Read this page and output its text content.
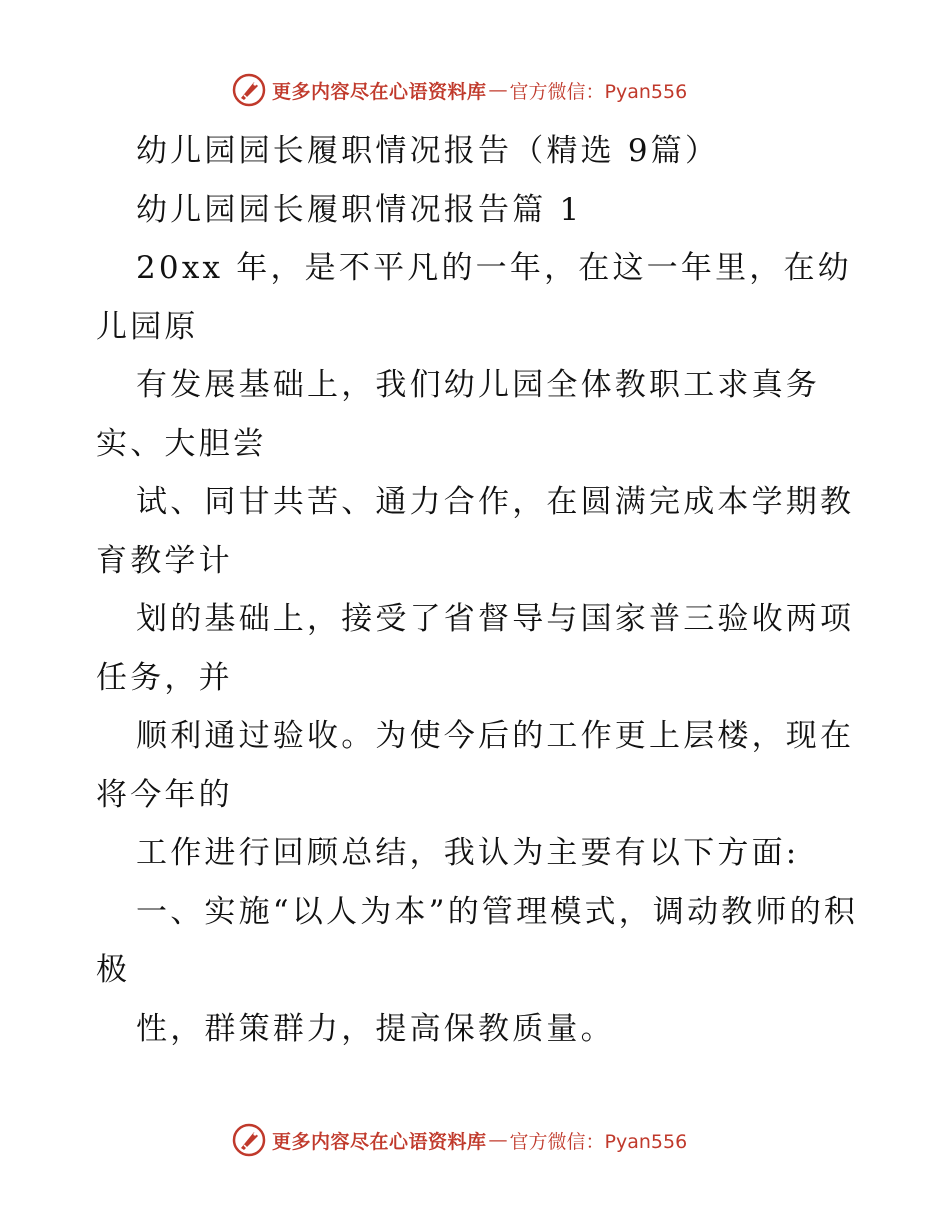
更多内容尽在心语资料库 — 官方微信：Pyan556

幼儿园园长履职情况报告（精选 9篇）

幼儿园园长履职情况报告篇 1

20xx 年，是不平凡的一年，在这一年里，在幼儿园原

有发展基础上，我们幼儿园全体教职工求真务实、大胆尝

试、同甘共苦、通力合作，在圆满完成本学期教育教学计

划的基础上，接受了省督导与国家普三验收两项任务，并

顺利通过验收。为使今后的工作更上层楼，现在将今年的

工作进行回顾总结，我认为主要有以下方面:

一、实施“以人为本”的管理模式，调动教师的积极

性，群策群力，提高保教质量。

更多内容尽在心语资料库 — 官方微信：Pyan556
